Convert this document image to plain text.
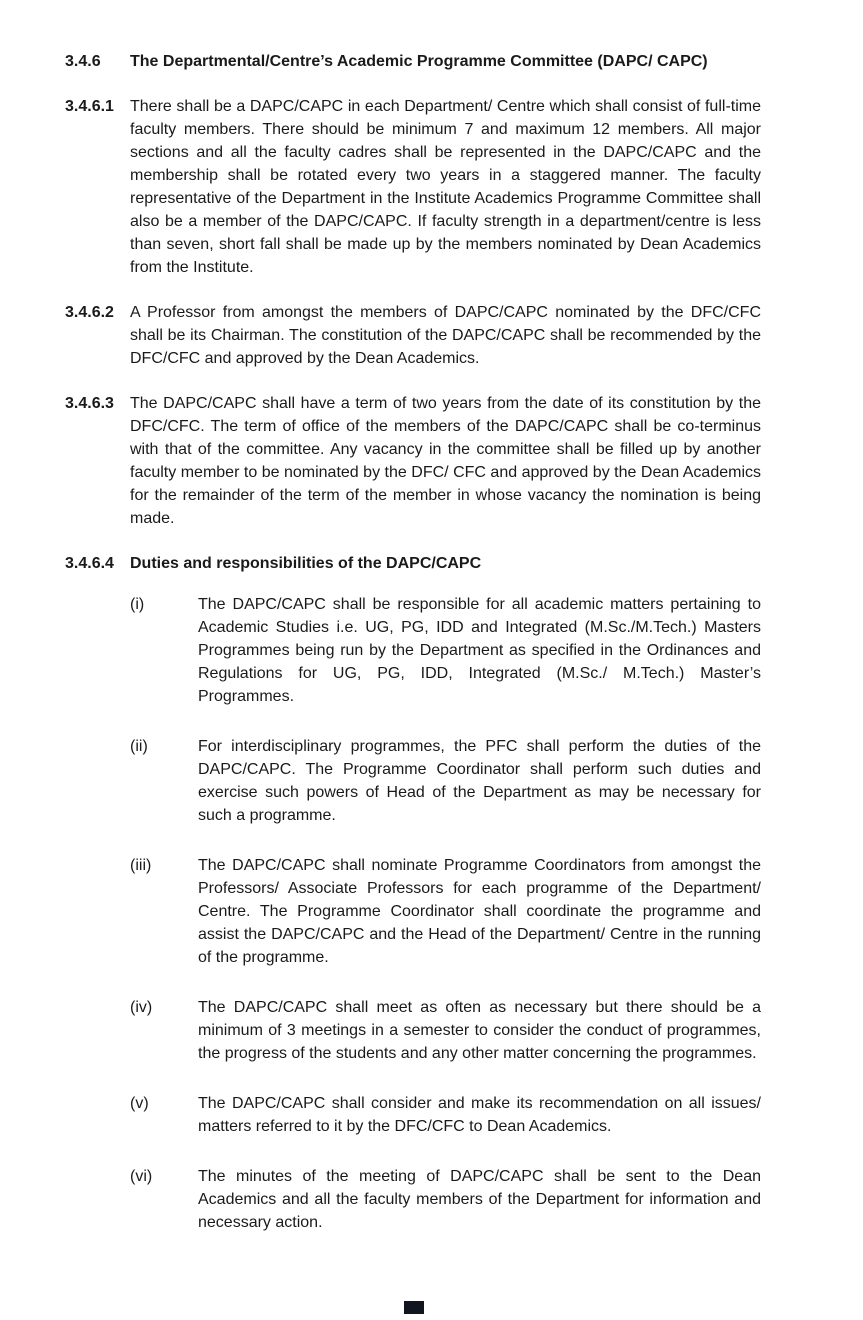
3.4.6 The Departmental/Centre’s Academic Programme Committee (DAPC/ CAPC)
3.4.6.1 There shall be a DAPC/CAPC in each Department/ Centre which shall consist of full-time faculty members. There should be minimum 7 and maximum 12 members. All major sections and all the faculty cadres shall be represented in the DAPC/CAPC and the membership shall be rotated every two years in a staggered manner. The faculty representative of the Department in the Institute Academics Programme Committee shall also be a member of the DAPC/CAPC. If faculty strength in a department/centre is less than seven, short fall shall be made up by the members nominated by Dean Academics from the Institute.
3.4.6.2 A Professor from amongst the members of DAPC/CAPC nominated by the DFC/CFC shall be its Chairman. The constitution of the DAPC/CAPC shall be recommended by the DFC/CFC and approved by the Dean Academics.
3.4.6.3 The DAPC/CAPC shall have a term of two years from the date of its constitution by the DFC/CFC. The term of office of the members of the DAPC/CAPC shall be co-terminus with that of the committee. Any vacancy in the committee shall be filled up by another faculty member to be nominated by the DFC/ CFC and approved by the Dean Academics for the remainder of the term of the member in whose vacancy the nomination is being made.
3.4.6.4 Duties and responsibilities of the DAPC/CAPC
(i)	The DAPC/CAPC shall be responsible for all academic matters pertaining to Academic Studies i.e. UG, PG, IDD and Integrated (M.Sc./M.Tech.) Masters Programmes being run by the Department as specified in the Ordinances and Regulations for UG, PG, IDD, Integrated (M.Sc./ M.Tech.) Master’s Programmes.
(ii)	For interdisciplinary programmes, the PFC shall perform the duties of the DAPC/CAPC. The Programme Coordinator shall perform such duties and exercise such powers of Head of the Department as may be necessary for such a programme.
(iii)	The DAPC/CAPC shall nominate Programme Coordinators from amongst the Professors/ Associate Professors for each programme of the Department/ Centre. The Programme Coordinator shall coordinate the programme and assist the DAPC/CAPC and the Head of the Department/ Centre in the running of the programme.
(iv)	The DAPC/CAPC shall meet as often as necessary but there should be a minimum of 3 meetings in a semester to consider the conduct of programmes, the progress of the students and any other matter concerning the programmes.
(v)	The DAPC/CAPC shall consider and make its recommendation on all issues/ matters referred to it by the DFC/CFC to Dean Academics.
(vi)	The minutes of the meeting of DAPC/CAPC shall be sent to the Dean Academics and all the faculty members of the Department for information and necessary action.
